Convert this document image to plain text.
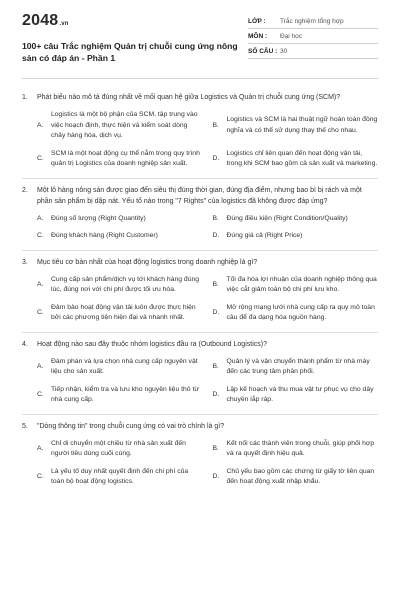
2048.vn
100+ câu Trắc nghiệm Quản trị chuỗi cung ứng nông sản có đáp án - Phần 1
LỚP :	Trắc nghiệm tổng hợp
MÔN :	Đại học
SỐ CÂU : 30
1.	Phát biểu nào mô tả đúng nhất về mối quan hệ giữa Logistics và Quản trị chuỗi cung ứng (SCM)?
A.
Logistics là một bộ phận của SCM, tập trung vào việc hoạch định, thực hiện và kiểm soát dòng chảy hàng hóa, dịch vụ.
B.
Logistics và SCM là hai thuật ngữ hoàn toàn đồng nghĩa và có thể sử dụng thay thế cho nhau.
C.
SCM là một hoạt động cụ thể nằm trong quy trình quản trị Logistics của doanh nghiệp sản xuất.
D.
Logistics chỉ liên quan đến hoạt động vận tải, trong khi SCM bao gồm cả sản xuất và marketing.
2.	Một lô hàng nông sản được giao đến siêu thị đúng thời gian, đúng địa điểm, nhưng bao bì bị rách và một phần sản phẩm bị dập nát. Yếu tố nào trong "7 Rights" của logistics đã không được đáp ứng?
A.	Đúng số lượng (Right Quantity)	B.	Đúng điều kiện (Right Condition/Quality)
C.	Đúng khách hàng (Right Customer)	D.	Đúng giá cả (Right Price)
3.	Mục tiêu cơ bản nhất của hoạt động logistics trong doanh nghiệp là gì?
A.
Cung cấp sản phẩm/dịch vụ tới khách hàng đúng lúc, đúng nơi với chi phí được tối ưu hóa.
B.
Tối đa hóa lợi nhuận của doanh nghiệp thông qua việc cắt giảm toàn bộ chi phí lưu kho.
C.
Đảm bảo hoạt động vận tải luôn được thực hiện bởi các phương tiện hiện đại và nhanh nhất.
D.
Mở rộng mạng lưới nhà cung cấp ra quy mô toàn cầu để đa dạng hóa nguồn hàng.
4.	Hoạt động nào sau đây thuộc nhóm logistics đầu ra (Outbound Logistics)?
A.
Đàm phán và lựa chọn nhà cung cấp nguyên vật liệu cho sản xuất.
B.
Quản lý và vận chuyển thành phẩm từ nhà máy đến các trung tâm phân phối.
C.
Tiếp nhận, kiểm tra và lưu kho nguyên liệu thô từ nhà cung cấp.
D.
Lập kế hoạch và thu mua vật tư phục vụ cho dây chuyền lắp ráp.
5.	"Dòng thông tin" trong chuỗi cung ứng có vai trò chính là gì?
A.
Chỉ di chuyển một chiều từ nhà sản xuất đến người tiêu dùng cuối cùng.
B.
Kết nối các thành viên trong chuỗi, giúp phối hợp và ra quyết định hiệu quả.
C.
Là yếu tố duy nhất quyết định đến chi phí của toàn bộ hoạt động logistics.
D.
Chủ yếu bao gồm các chứng từ giấy tờ liên quan đến hoạt động xuất nhập khẩu.
